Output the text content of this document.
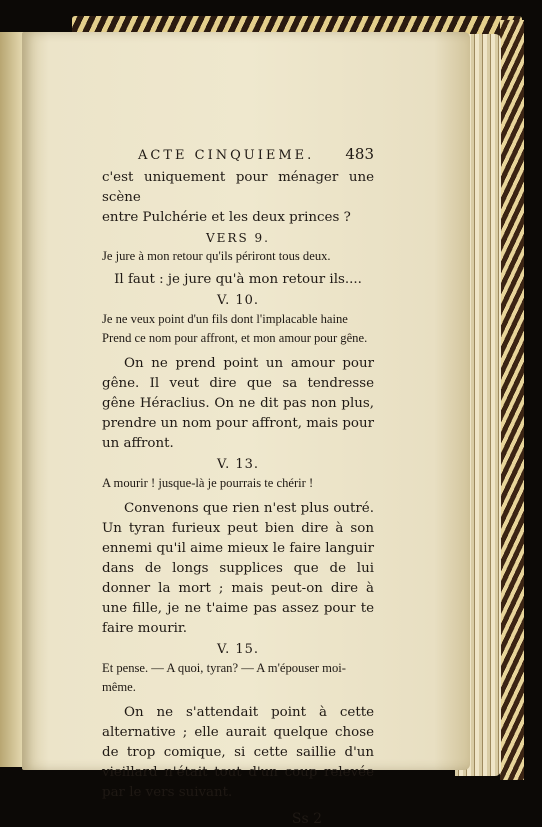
ACTE CINQUIEME. 483

c'est uniquement pour ménager une scène

entre Pulchérie et les deux princes ?

VERS 9.

Je jure à mon retour qu'ils périront tous deux.

Il faut : je jure qu'à mon retour ils....

V. 10.

Je ne veux point d'un fils dont l'implacable haine

Prend ce nom pour affront, et mon amour pour gêne.

On ne prend point un amour pour gêne. Il veut dire que sa tendresse gêne Héraclius. On ne dit pas non plus, prendre un nom pour affront, mais pour un affront.

V. 13.

A mourir ! jusque-là je pourrais te chérir !

Convenons que rien n'est plus outré. Un tyran furieux peut bien dire à son ennemi qu'il aime mieux le faire languir dans de longs supplices que de lui donner la mort ; mais peut-on dire à une fille, je ne t'aime pas assez pour te faire mourir.

V. 15.

Et pense. — A quoi, tyran? — A m'épouser moi-même.

On ne s'attendait point à cette alternative ; elle aurait quelque chose de trop comique, si cette saillie d'un vieillard n'était tout d'un coup relevée par le vers suivant.

Ss 2
